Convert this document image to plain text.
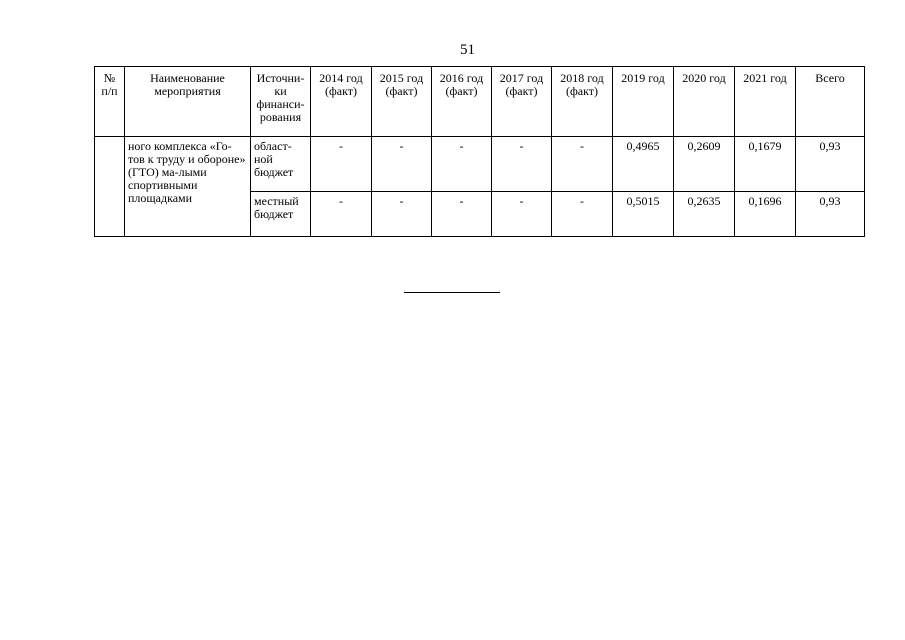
51
№ п/п	Наименование мероприятия	Источни-ки финанси-рования	2014 год (факт)	2015 год (факт)	2016 год (факт)	2017 год (факт)	2018 год (факт)	2019 год	2020 год	2021 год	Всего
	ного комплекса «Го-тов к труду и обороне» (ГТО) ма-лыми спортивными площадками	област-ной бюджет	-	-	-	-	-	0,4965	0,2609	0,1679	0,93
		местный бюджет	-	-	-	-	-	0,5015	0,2635	0,1696	0,93
